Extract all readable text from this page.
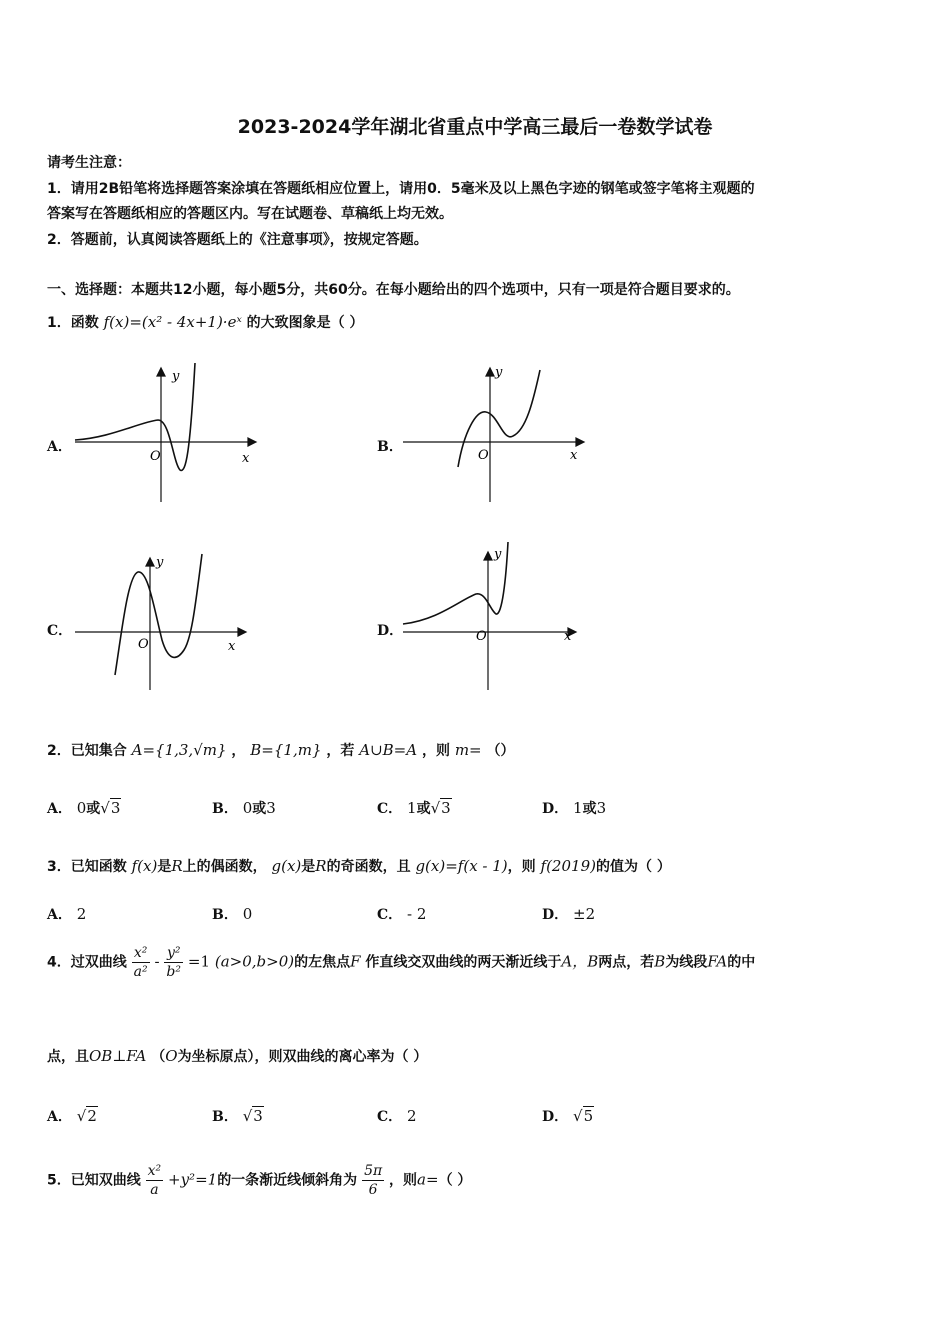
2023-2024学年湖北省重点中学高三最后一卷数学试卷
请考生注意：
1．请用2B铅笔将选择题答案涂填在答题纸相应位置上，请用0．5毫米及以上黑色字迹的钢笔或签字笔将主观题的
答案写在答题纸相应的答题区内。写在试题卷、草稿纸上均无效。
2．答题前，认真阅读答题纸上的《注意事项》，按规定答题。
一、选择题：本题共12小题，每小题5分，共60分。在每小题给出的四个选项中，只有一项是符合题目要求的。
1．函数 f(x)=(x² - 4x+1)·eˣ 的大致图象是（ ）
A．
y
x
O
B．
y
x
O
C．
y
x
O
D．
y
x
O
2．已知集合 A={1,3,√m} ， B={1,m} ，若 A∪B=A ，则 m= （）
A． 0或√3	B． 0或3	C． 1或√3	D． 1或3
3．已知函数 f(x)是R上的偶函数， g(x)是R的奇函数，且 g(x)=f(x - 1)，则 f(2019)的值为（ ）
A． 2	B． 0	C． - 2	D． ±2
4．过双曲线 $\frac{\text{x²}}{\text{a²}} - \frac{\text{y²}}{\text{b²}} =1$ (a>0,b>0)的左焦点F 作直线交双曲线的两天渐近线于A，B两点，若B为线段FA的中
点，且OB⊥FA （O为坐标原点），则双曲线的离心率为（ ）
A． √2	B． √3	C． 2	D． √5
5．已知双曲线 $\frac{\text{x²}}{a} +y^2=1$的一条渐近线倾斜角为 $\frac{5\pi}{6}$ ，则a=（ ）
